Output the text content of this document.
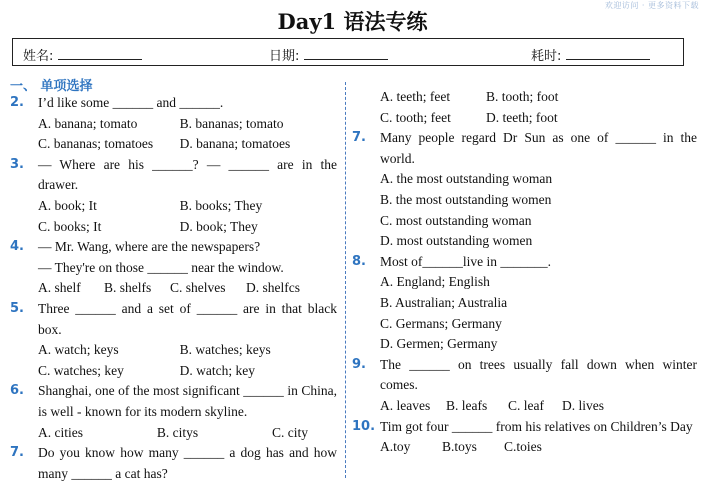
欢迎访问 · 更多资料下载
Day1 语法专练
姓名:	日期:	耗时:
一、 单项选择
2. I’d like some ______ and ______.
A. banana; tomato	B. bananas; tomato
C. bananas; tomatoes	D. banana; tomatoes
3. — Where are his ______? — ______ are in the drawer.
A. book; It	B. books; They
C. books; It	D. book; They
4. — Mr. Wang, where are the newspapers?
— They're on those ______ near the window.
A. shelf	B. shelfs	C. shelves	D. shelfcs
5. Three ______ and a set of ______ are in that black box.
A. watch; keys	B. watches; keys
C. watches; key	D. watch; key
6. Shanghai, one of the most significant ______ in China, is well - known for its modern skyline.
A. cities	B. citys	C. city
7. Do you know how many ______ a dog has and how many ______ a cat has?
A. teeth; feet	B. tooth; foot
C. tooth; feet	D. teeth; foot
7. Many people regard Dr Sun as one of ______ in the world.
A. the most outstanding woman
B. the most outstanding women
C. most outstanding woman
D. most outstanding women
8. Most of______live in _______.
A. England; English
B. Australian; Australia
C. Germans; Germany
D. Germen; Germany
9. The ______ on trees usually fall down when winter comes.
A. leaves	B. leafs	C. leaf	D. lives
10. Tim got four ______ from his relatives on Children’s Day
A.toy	B.toys	C.toies
